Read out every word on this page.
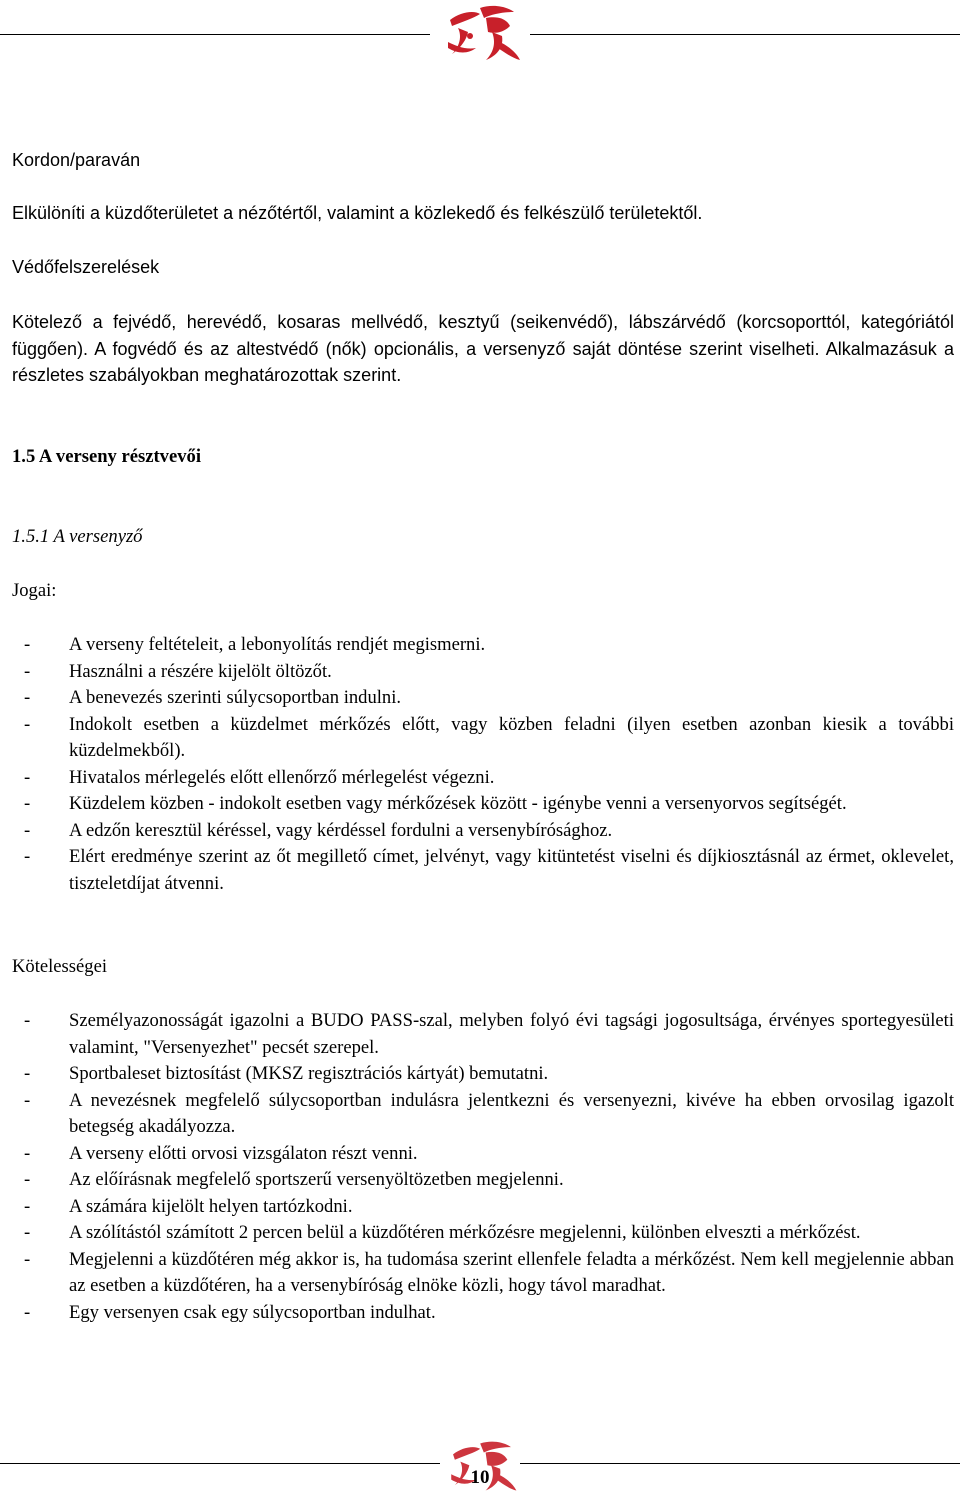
魂

Kordon/paraván

Elkülöníti a küzdőterületet a nézőtértől, valamint a közlekedő és felkészülő területektől.

Védőfelszerelések

Kötelező a fejvédő, herevédő, kosaras mellvédő, kesztyű (seikenvédő), lábszárvédő (korcsoporttól, kategóriától függően). A fogvédő és az altestvédő (nők) opcionális, a versenyző saját döntése szerint viselheti. Alkalmazásuk a részletes szabályokban meghatározottak szerint.

1.5 A verseny résztvevői

1.5.1 A versenyző

Jogai:

- A verseny feltételeit, a lebonyolítás rendjét megismerni.
- Használni a részére kijelölt öltözőt.
- A benevezés szerinti súlycsoportban indulni.
- Indokolt esetben a küzdelmet mérkőzés előtt, vagy közben feladni (ilyen esetben azonban kiesik a további küzdelmekből).
- Hivatalos mérlegelés előtt ellenőrző mérlegelést végezni.
- Küzdelem közben - indokolt esetben vagy mérkőzések között - igénybe venni a versenyorvos segítségét.
- A edzőn keresztül kéréssel, vagy kérdéssel fordulni a versenybírósághoz.
- Elért eredménye szerint az őt megillető címet, jelvényt, vagy kitüntetést viselni és díjkiosztásnál az érmet, oklevelet, tiszteletdíjat átvenni.

Kötelességei

- Személyazonosságát igazolni a BUDO PASS-szal, melyben folyó évi tagsági jogosultsága, érvényes sportegyesületi valamint, "Versenyezhet" pecsét szerepel.
- Sportbaleset biztosítást (MKSZ regisztrációs kártyát) bemutatni.
- A nevezésnek megfelelő súlycsoportban indulásra jelentkezni és versenyezni, kivéve ha ebben orvosilag igazolt betegség akadályozza.
- A verseny előtti orvosi vizsgálaton részt venni.
- Az előírásnak megfelelő sportszerű versenyöltözetben megjelenni.
- A számára kijelölt helyen tartózkodni.
- A szólítástól számított 2 percen belül a küzdőtéren mérkőzésre megjelenni, különben elveszti a mérkőzést.
- Megjelenni a küzdőtéren még akkor is, ha tudomása szerint ellenfele feladta a mérkőzést. Nem kell megjelennie abban az esetben a küzdőtéren, ha a versenybíróság elnöke közli, hogy távol maradhat.
- Egy versenyen csak egy súlycsoportban indulhat.
10
